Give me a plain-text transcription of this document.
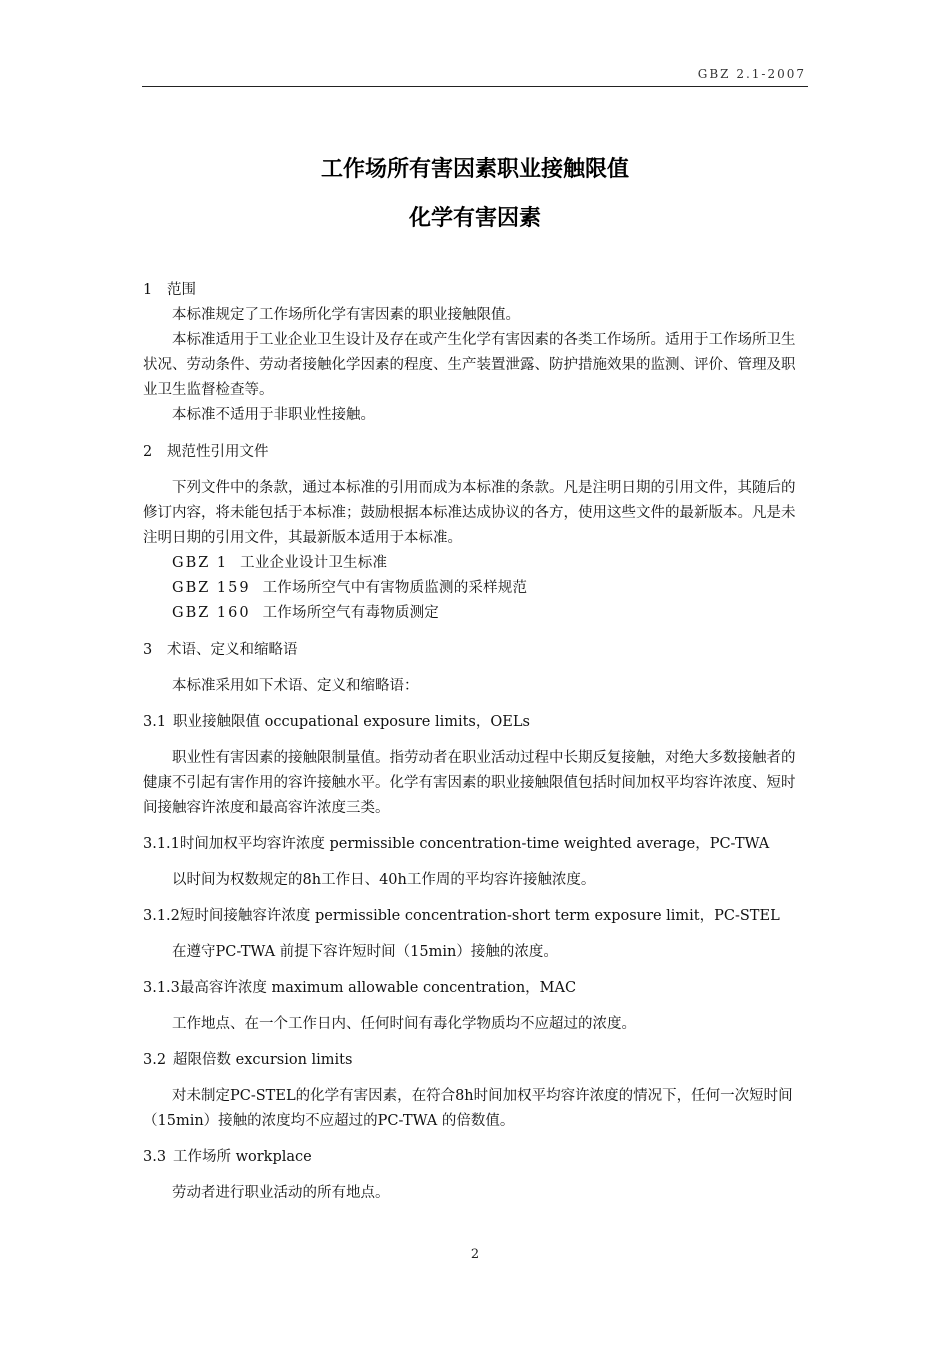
GBZ 2.1-2007
工作场所有害因素职业接触限值
化学有害因素
1 范围

本标准规定了工作场所化学有害因素的职业接触限值。

本标准适用于工业企业卫生设计及存在或产生化学有害因素的各类工作场所。适用于工作场所卫生状况、劳动条件、劳动者接触化学因素的程度、生产装置泄露、防护措施效果的监测、评价、管理及职业卫生监督检查等。

本标准不适用于非职业性接触。

2 规范性引用文件

下列文件中的条款，通过本标准的引用而成为本标准的条款。凡是注明日期的引用文件，其随后的修订内容，将未能包括于本标准；鼓励根据本标准达成协议的各方，使用这些文件的最新版本。凡是未注明日期的引用文件，其最新版本适用于本标准。

GBZ 1 工业企业设计卫生标准

GBZ 159 工作场所空气中有害物质监测的采样规范

GBZ 160 工作场所空气有毒物质测定

3 术语、定义和缩略语

本标准采用如下术语、定义和缩略语：

3.1 职业接触限值 occupational exposure limits，OELs

职业性有害因素的接触限制量值。指劳动者在职业活动过程中长期反复接触，对绝大多数接触者的健康不引起有害作用的容许接触水平。化学有害因素的职业接触限值包括时间加权平均容许浓度、短时间接触容许浓度和最高容许浓度三类。

3.1.1时间加权平均容许浓度 permissible concentration-time weighted average，PC-TWA

以时间为权数规定的8h工作日、40h工作周的平均容许接触浓度。

3.1.2短时间接触容许浓度 permissible concentration-short term exposure limit，PC-STEL

在遵守PC-TWA 前提下容许短时间（15min）接触的浓度。

3.1.3最高容许浓度 maximum allowable concentration，MAC

工作地点、在一个工作日内、任何时间有毒化学物质均不应超过的浓度。

3.2 超限倍数 excursion limits

对未制定PC-STEL的化学有害因素，在符合8h时间加权平均容许浓度的情况下，任何一次短时间（15min）接触的浓度均不应超过的PC-TWA 的倍数值。

3.3 工作场所 workplace

劳动者进行职业活动的所有地点。

2
